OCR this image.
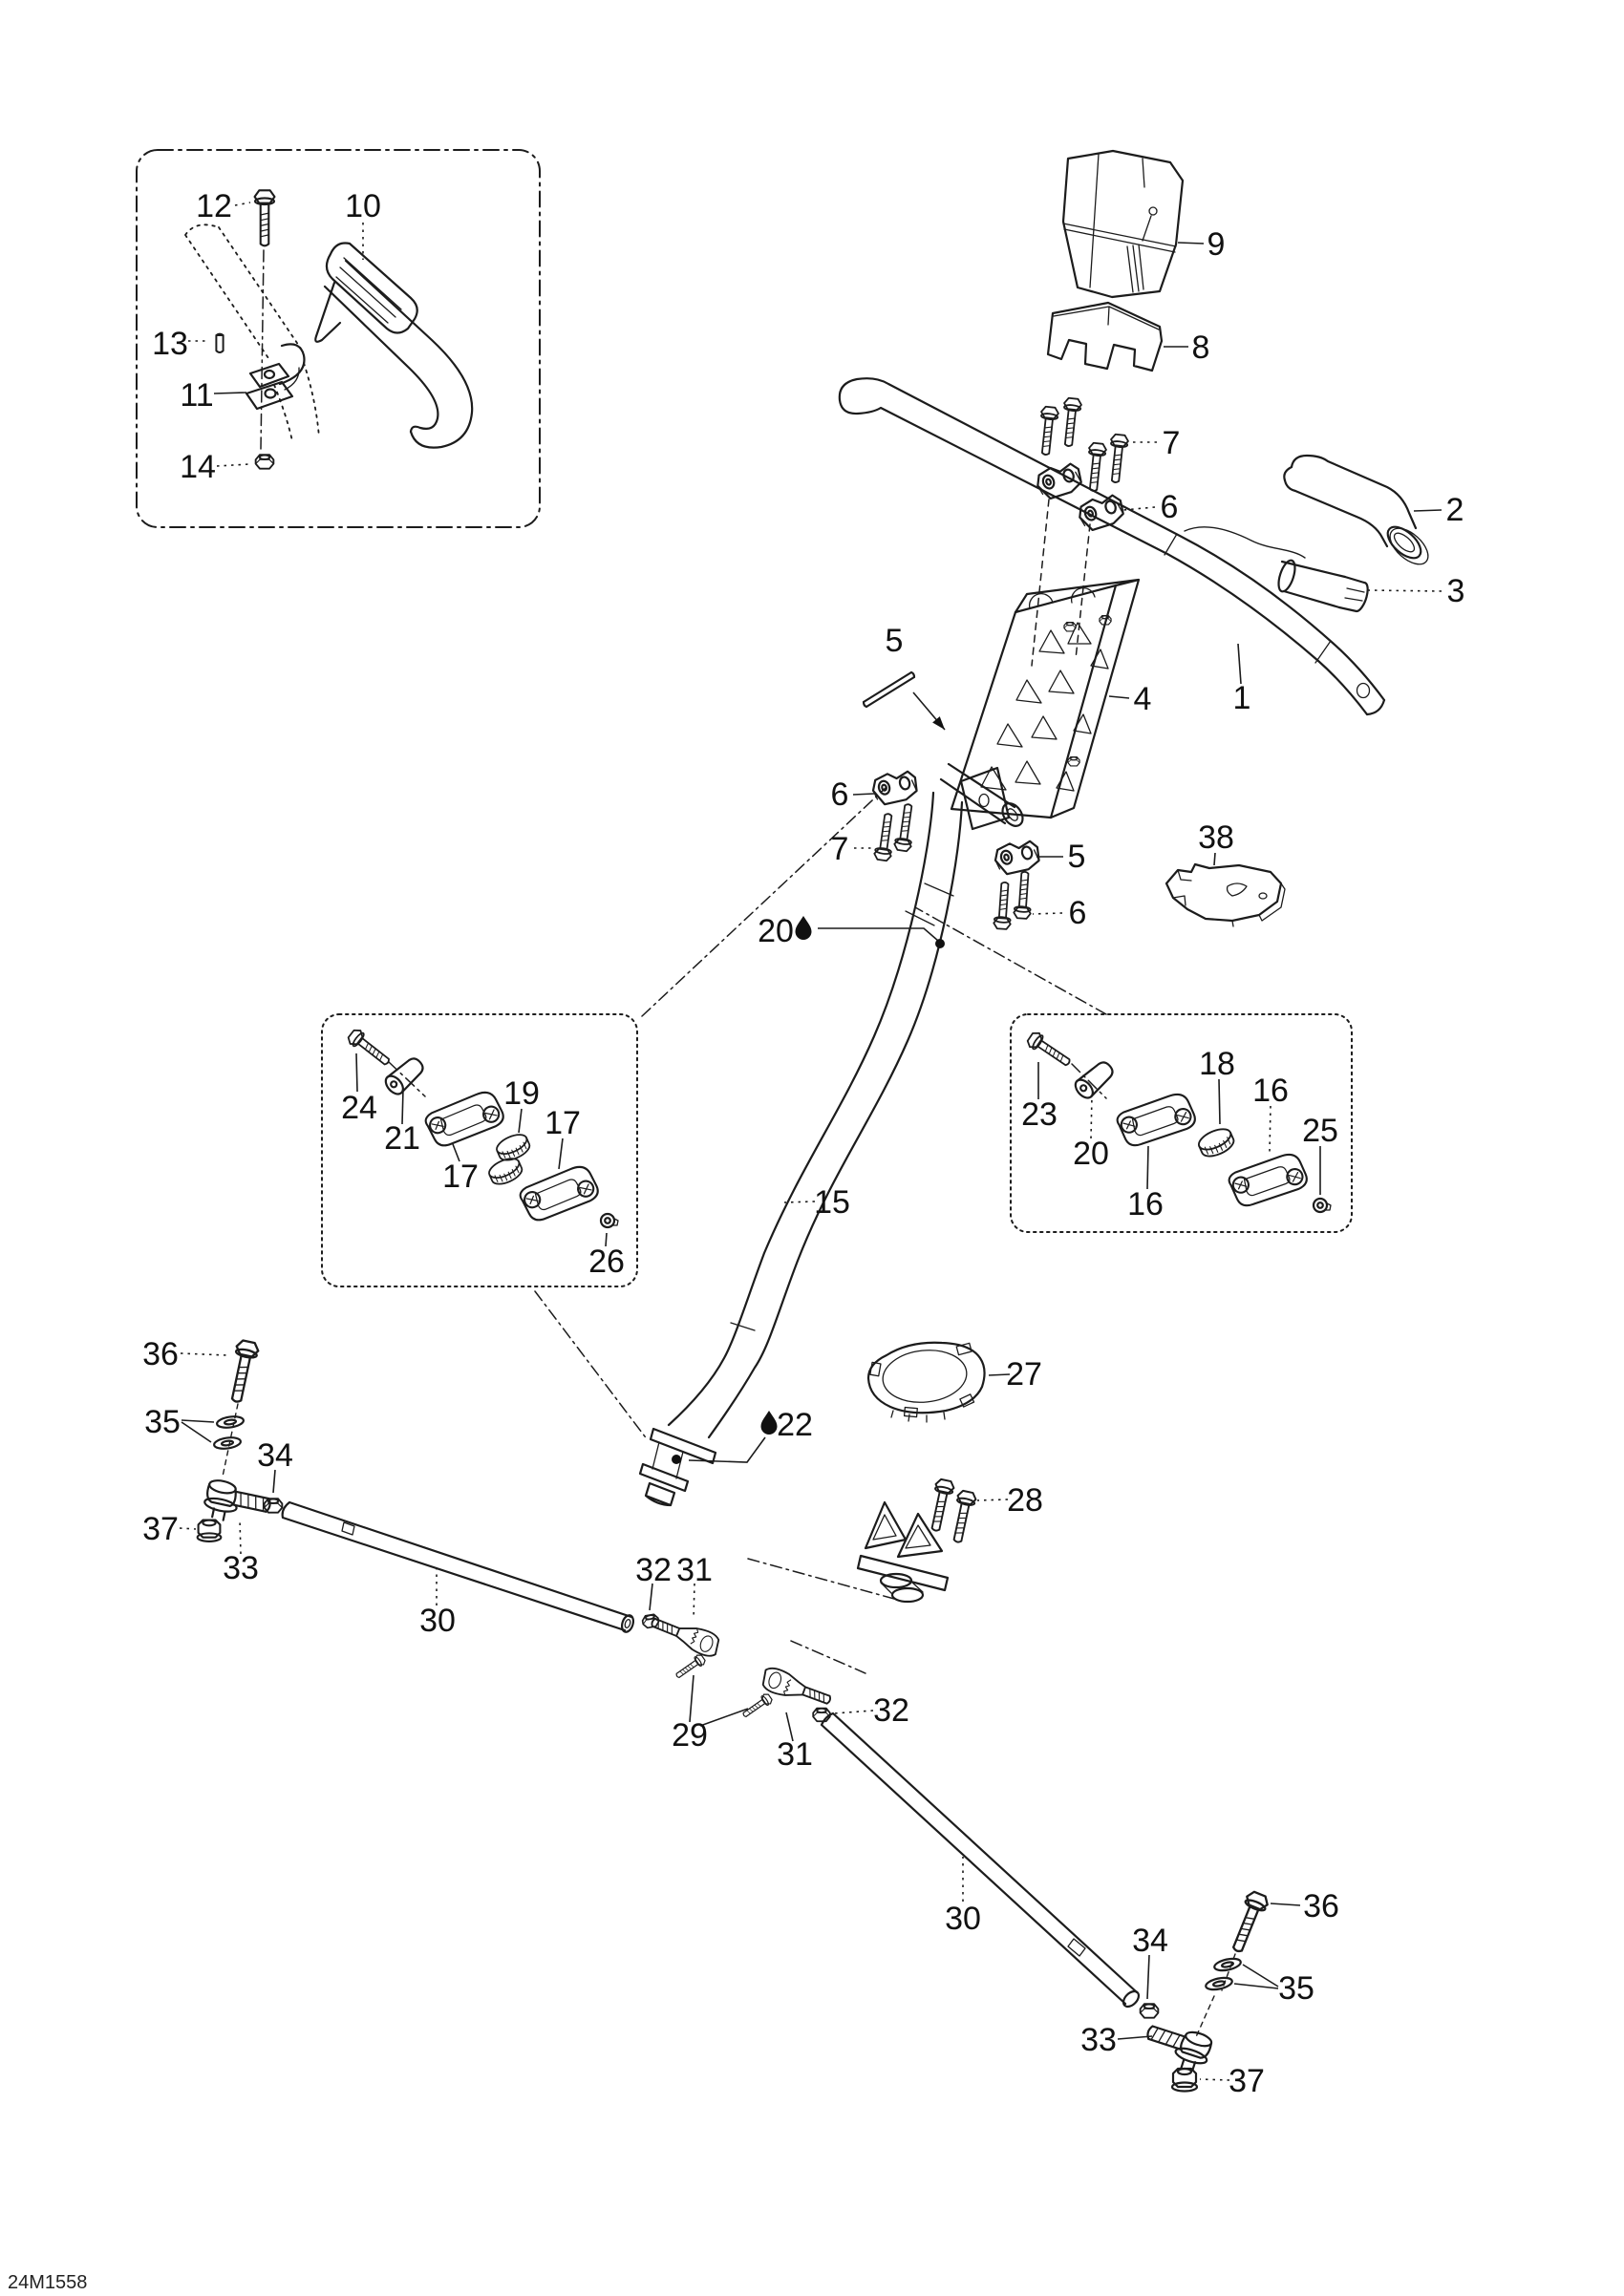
12	10
13
11
14
9
8
7
6	2
3
1
4
5
6
7	5
6
38
15
24
21
17
19
17
26
23
20
16
18
16
25
27
28
36
35
34
37
33
30
32 31
29
31
32
30
34
36
35
33
37
20
22
24M1558
